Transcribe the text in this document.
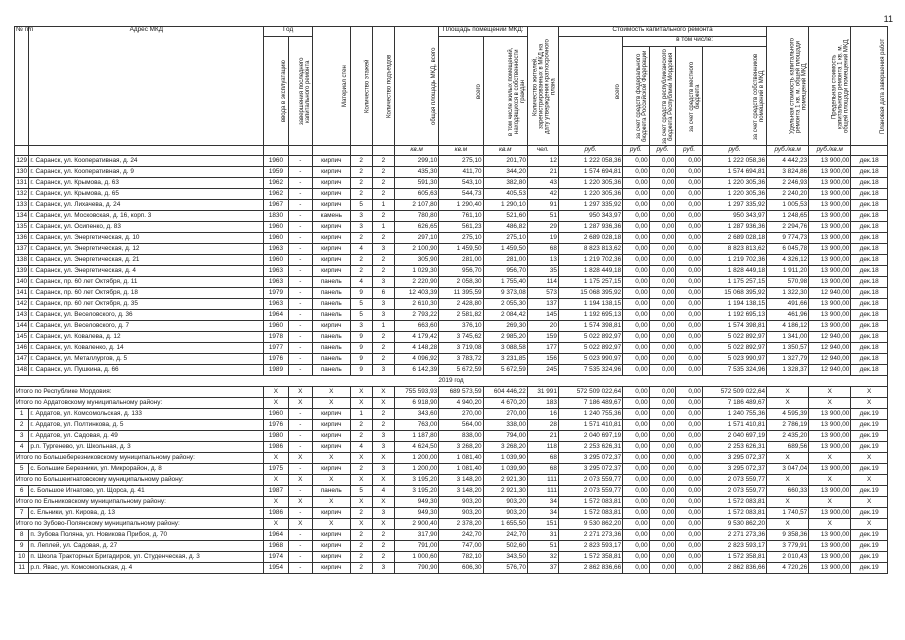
11
№ п/п	Адрес МКД	Год		Материал стен	Количество этажей	Количество подъездов	общая площадь МКД, всего	Площадь помещений МКД:		Количество жителей, зарегистрированных в МКД на дату утверждения краткосрочного плана	Стоимость капитального ремонта					Удельная стоимость капитального ремонта 1 кв. м. общей площади помещений МКД	Предельная стоимость капитального ремонта 1 кв. м. общей площади помещений МКД	Плановая дата завершения работ
		ввода в эксплуатацию	завершения последнего капитального ремонта					всего	в том числе жилых помещений, находящихся в собственности граждан		всего	в том числе:						
												за счет средств федерального бюджета Российской Федерации	за счет средств республиканского бюджета Республики Мордовия	за счет средств местного бюджета	за счет средств собственников помещений в МКД			
							кв.м	кв.м	кв.м	чел.	руб.	руб.	руб.	руб.	руб.	руб./кв.м	руб./кв.м	
129	г. Саранск, ул. Кооперативная, д. 24	1960	-	кирпич	2	2	299,10	275,10	201,70	12	1 222 058,36	0,00	0,00	0,00	1 222 058,36	4 442,23	13 900,00	дек.18
130	г. Саранск, ул. Кооперативная, д. 9	1959	-	кирпич	2	2	435,30	411,70	344,20	21	1 574 694,81	0,00	0,00	0,00	1 574 694,81	3 824,86	13 900,00	дек.18
131	г. Саранск, ул. Крымова, д. 63	1962	-	кирпич	2	2	591,30	543,10	382,80	43	1 220 305,36	0,00	0,00	0,00	1 220 305,36	2 246,93	13 900,00	дек.18
132	г. Саранск, ул. Крымова, д. 65	1962	-	кирпич	2	2	605,63	544,73	405,53	42	1 220 305,36	0,00	0,00	0,00	1 220 305,36	2 240,20	13 900,00	дек.18
133	г. Саранск, ул. Лихачева, д. 24	1967	-	кирпич	5	1	2 107,80	1 290,40	1 290,10	91	1 297 335,92	0,00	0,00	0,00	1 297 335,92	1 005,53	13 900,00	дек.18
134	г. Саранск, ул. Московская, д. 16, корп. 3	1830	-	камень	3	2	780,80	761,10	521,60	51	950 343,97	0,00	0,00	0,00	950 343,97	1 248,65	13 900,00	дек.18
135	г. Саранск, ул. Осипенко, д. 83	1960	-	кирпич	3	1	626,65	561,23	486,82	29	1 287 936,36	0,00	0,00	0,00	1 287 936,36	2 294,76	13 900,00	дек.18
136	г. Саранск, ул. Энергетическая, д. 10	1960	-	кирпич	2	2	297,10	275,10	275,10	19	2 689 028,18	0,00	0,00	0,00	2 689 028,18	9 774,73	13 900,00	дек.18
137	г. Саранск, ул. Энергетическая, д. 12	1963	-	кирпич	4	3	2 100,90	1 459,50	1 459,50	68	8 823 813,62	0,00	0,00	0,00	8 823 813,62	6 045,78	13 900,00	дек.18
138	г. Саранск, ул. Энергетическая, д. 21	1960	-	кирпич	2	2	305,90	281,00	281,00	13	1 219 702,36	0,00	0,00	0,00	1 219 702,36	4 326,12	13 900,00	дек.18
139	г. Саранск, ул. Энергетическая, д. 4	1963	-	кирпич	2	2	1 029,30	956,70	956,70	35	1 828 449,18	0,00	0,00	0,00	1 828 449,18	1 911,20	13 900,00	дек.18
140	г. Саранск, пр. 60 лет Октября, д. 11	1963	-	панель	4	3	2 220,90	2 058,30	1 755,40	114	1 175 257,15	0,00	0,00	0,00	1 175 257,15	570,98	13 900,00	дек.18
141	г. Саранск, пр. 60 лет Октября, д. 18	1979	-	панель	9	6	12 403,39	11 395,59	9 373,08	573	15 068 395,92	0,00	0,00	0,00	15 068 395,92	1 322,30	12 940,00	дек.18
142	г. Саранск, пр. 60 лет Октября, д. 35	1963	-	панель	5	3	2 610,30	2 428,80	2 055,30	137	1 194 138,15	0,00	0,00	0,00	1 194 138,15	491,66	13 900,00	дек.18
143	г. Саранск, ул. Веселовского, д. 36	1964	-	панель	5	3	2 793,22	2 581,82	2 084,42	145	1 192 695,13	0,00	0,00	0,00	1 192 695,13	461,96	13 900,00	дек.18
144	г. Саранск, ул. Веселовского, д. 7	1960	-	кирпич	3	1	663,60	376,10	269,30	20	1 574 398,81	0,00	0,00	0,00	1 574 398,81	4 186,12	13 900,00	дек.18
145	г. Саранск, ул. Ковалева, д. 12	1978	-	панель	9	2	4 179,42	3 745,62	2 985,20	159	5 022 892,97	0,00	0,00	0,00	5 022 892,97	1 341,00	12 940,00	дек.18
146	г. Саранск, ул. Коваленко, д. 14	1977	-	панель	9	2	4 148,28	3 719,08	3 088,58	177	5 022 892,97	0,00	0,00	0,00	5 022 892,97	1 350,57	12 940,00	дек.18
147	г. Саранск, ул. Металлургов, д. 5	1976	-	панель	9	2	4 096,92	3 783,72	3 231,85	156	5 023 990,97	0,00	0,00	0,00	5 023 990,97	1 327,79	12 940,00	дек.18
148	г. Саранск, ул. Пушкина, д. 66	1989	-	панель	9	3	6 142,39	5 672,59	5 672,59	245	7 535 324,96	0,00	0,00	0,00	7 535 324,96	1 328,37	12 940,00	дек.18
2019 год																		
Итого по Республике Мордовия:		X	X	X	X	X	755 593,93	689 573,59	604 446,22	31 991	572 509 022,64	0,00	0,00	0,00	572 509 022,64	X	X	X
Итого по Ардатовскому муниципальному району:		X	X	X	X	X	6 918,90	4 940,20	4 670,20	183	7 186 489,67	0,00	0,00	0,00	7 186 489,67	X	X	X
1	г. Ардатов, ул. Комсомольская, д. 133	1960	-	кирпич	1	2	343,60	270,00	270,00	16	1 240 755,36	0,00	0,00	0,00	1 240 755,36	4 595,39	13 900,00	дек.19
2	г. Ардатов, ул. Полтинкова, д. 5	1976	-	кирпич	2	2	763,00	564,00	338,00	28	1 571 410,81	0,00	0,00	0,00	1 571 410,81	2 786,19	13 900,00	дек.19
3	г. Ардатов, ул. Садовая, д. 49	1980	-	кирпич	2	3	1 187,80	838,00	794,00	21	2 040 697,19	0,00	0,00	0,00	2 040 697,19	2 435,20	13 900,00	дек.19
4	р.п. Тургенево, ул. Школьная, д. 3	1986	-	кирпич	4	3	4 624,50	3 268,20	3 268,20	118	2 253 626,31	0,00	0,00	0,00	2 253 626,31	689,56	13 900,00	дек.19
Итого по Большеберезниковскому муниципальному району:		X	X	X	X	X	1 200,00	1 081,40	1 039,90	68	3 295 072,37	0,00	0,00	0,00	3 295 072,37	X	X	X
5	с. Большие Березники, ул. Микрорайон, д. 8	1975	-	кирпич	2	3	1 200,00	1 081,40	1 039,90	68	3 295 072,37	0,00	0,00	0,00	3 295 072,37	3 047,04	13 900,00	дек.19
Итого по Большеигнатовскому муниципальному району:		X	X	X	X	X	3 195,20	3 148,20	2 921,30	111	2 073 559,77	0,00	0,00	0,00	2 073 559,77	X	X	X
6	с. Большое Игнатово, ул. Щорса, д. 41	1987	-	панель	5	4	3 195,20	3 148,20	2 921,30	111	2 073 559,77	0,00	0,00	0,00	2 073 559,77	660,33	13 900,00	дек.19
Итого по Ельниковскому муниципальному району:		X	X	X	X	X	949,30	903,20	903,20	34	1 572 083,81	0,00	0,00	0,00	1 572 083,81	X	X	X
7	с. Ельники, ул. Кирова, д. 13	1986	-	кирпич	2	3	949,30	903,20	903,20	34	1 572 083,81	0,00	0,00	0,00	1 572 083,81	1 740,57	13 900,00	дек.19
Итого по Зубово-Полянскому муниципальному району:		X	X	X	X	X	2 900,40	2 378,20	1 655,50	151	9 530 862,20	0,00	0,00	0,00	9 530 862,20	X	X	X
8	п. Зубова Поляна, ул. Новикова Прибоя, д. 70	1964	-	кирпич	2	2	317,90	242,70	242,70	31	2 271 273,36	0,00	0,00	0,00	2 271 273,36	9 358,36	13 900,00	дек.19
9	п. Леплей, ул. Садовая, д. 27	1968	-	кирпич	2	2	791,00	747,00	502,60	51	2 823 593,17	0,00	0,00	0,00	2 823 593,17	3 779,91	13 900,00	дек.19
10	п. Школа Тракторных Бригадиров, ул. Студенческая, д. 3	1974	-	кирпич	2	2	1 000,60	782,10	343,50	32	1 572 358,81	0,00	0,00	0,00	1 572 358,81	2 010,43	13 900,00	дек.19
11	р.п. Явас, ул. Комсомольская, д. 4	1954	-	кирпич	2	3	790,90	606,30	576,70	37	2 862 836,66	0,00	0,00	0,00	2 862 836,66	4 720,26	13 900,00	дек.19
